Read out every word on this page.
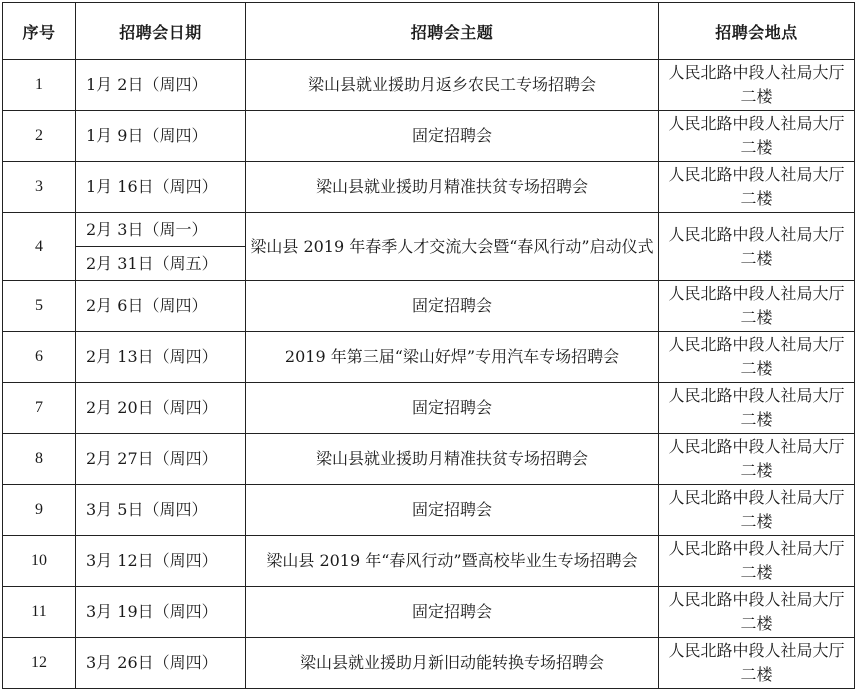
序号	招聘会日期	招聘会主题	招聘会地点
1	1月 2日（周四）	梁山县就业援助月返乡农民工专场招聘会	人民北路中段人社局大厅二楼
2	1月 9日（周四）	固定招聘会	人民北路中段人社局大厅二楼
3	1月 16日（周四）	梁山县就业援助月精准扶贫专场招聘会	人民北路中段人社局大厅二楼
4	2月 3日（周一）	梁山县 2019 年春季人才交流大会暨“春风行动”启动仪式	人民北路中段人社局大厅二楼
	2月 31日（周五）		
5	2月 6日（周四）	固定招聘会	人民北路中段人社局大厅二楼
6	2月 13日（周四）	2019 年第三届“梁山好焊”专用汽车专场招聘会	人民北路中段人社局大厅二楼
7	2月 20日（周四）	固定招聘会	人民北路中段人社局大厅二楼
8	2月 27日（周四）	梁山县就业援助月精准扶贫专场招聘会	人民北路中段人社局大厅二楼
9	3月 5日（周四）	固定招聘会	人民北路中段人社局大厅二楼
10	3月 12日（周四）	梁山县 2019 年“春风行动”暨高校毕业生专场招聘会	人民北路中段人社局大厅二楼
11	3月 19日（周四）	固定招聘会	人民北路中段人社局大厅二楼
12	3月 26日（周四）	梁山县就业援助月新旧动能转换专场招聘会	人民北路中段人社局大厅二楼
